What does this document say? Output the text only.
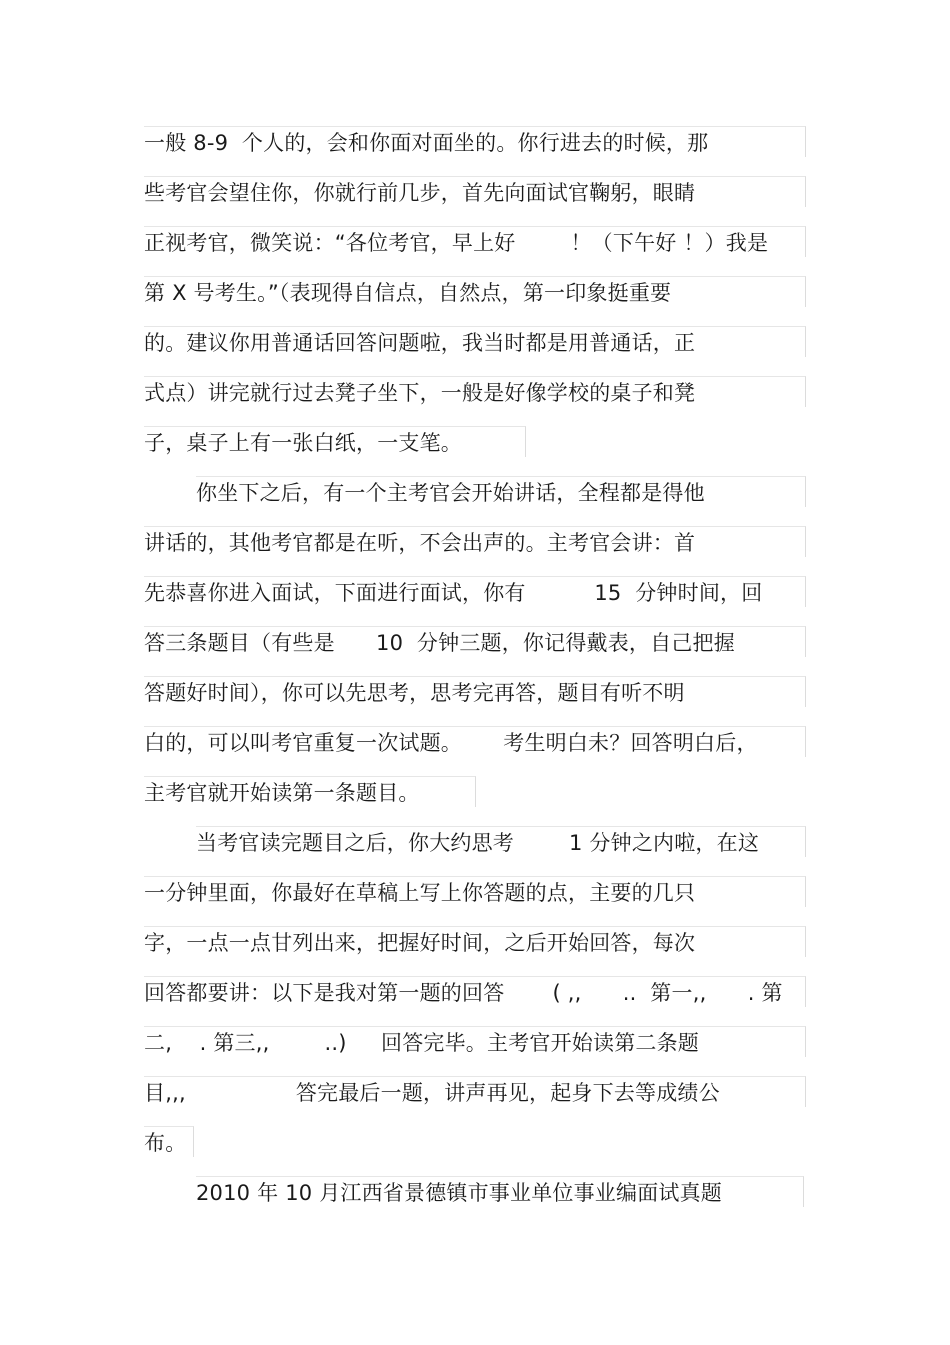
一般 8-9  个人的，会和你面对面坐的。你行进去的时候，那
些考官会望住你，你就行前几步，首先向面试官鞠躬，眼睛
正视考官，微笑说：“各位考官，早上好        ！（下午好 ！）我是
第 X 号考生。”（表现得自信点，自然点，第一印象挺重要
的。建议你用普通话回答问题啦，我当时都是用普通话，正
式点）讲完就行过去凳子坐下，一般是好像学校的桌子和凳
子，桌子上有一张白纸，一支笔。
你坐下之后，有一个主考官会开始讲话，全程都是得他
讲话的，其他考官都是在听，不会出声的。主考官会讲：首
先恭喜你进入面试，下面进行面试，你有          15  分钟时间，回
答三条题目（有些是      10  分钟三题，你记得戴表，自己把握
答题好时间），你可以先思考，思考完再答，题目有听不明
白的，可以叫考官重复一次试题。      考生明白未？回答明白后，
主考官就开始读第一条题目。
当考官读完题目之后，你大约思考        1 分钟之内啦，在这
一分钟里面，你最好在草稿上写上你答题的点，主要的几只
字，一点一点甘列出来，把握好时间，之后开始回答，每次
回答都要讲：以下是我对第一题的回答       ( ,,      ..  第一,,      . 第
二,    . 第三,,        ..)     回答完毕。主考官开始读第二条题
目,,,                答完最后一题，讲声再见，起身下去等成绩公
布。
2010 年 10 月江西省景德镇市事业单位事业编面试真题
